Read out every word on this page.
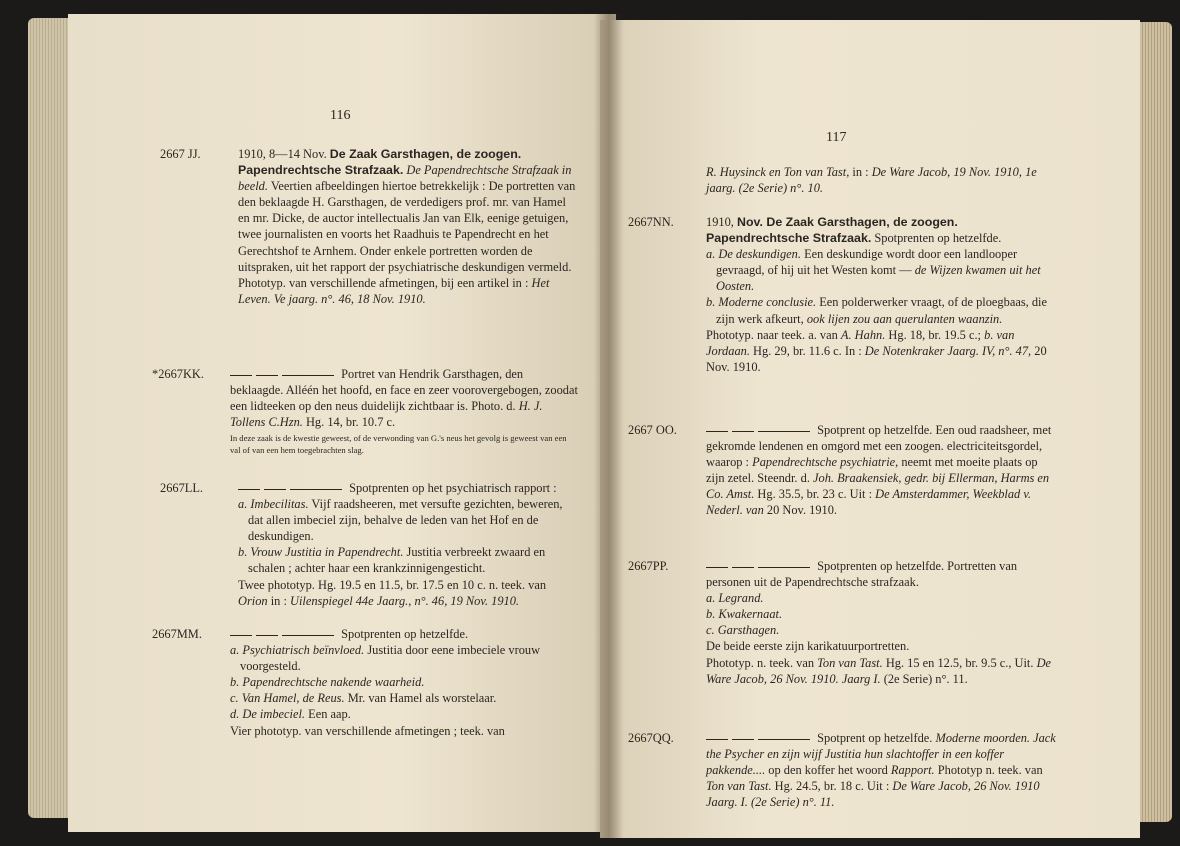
116
2667 JJ.	1910, 8—14 Nov. De Zaak Garsthagen, de zoogen. Papendrechtsche Strafzaak. De Papendrechtsche Strafzaak in beeld. Veertien afbeeldingen hiertoe betrekkelijk : De portretten van den beklaagde H. Garsthagen, de verdedigers prof. mr. van Hamel en mr. Dicke, de auctor intellectualis Jan van Elk, eenige getuigen, twee journalisten en voorts het Raadhuis te Papendrecht en het Gerechtshof te Arnhem. Onder enkele portretten worden de uitspraken, uit het rapport der psychiatrische deskundigen vermeld. Phototyp. van verschillende afmetingen, bij een artikel in : Het Leven. Ve jaarg. n°. 46, 18 Nov. 1910.
*2667KK.	Portret van Hendrik Garsthagen, den beklaagde. Alléén het hoofd, en face en zeer voorovergebogen, zoodat een lidteeken op den neus duidelijk zichtbaar is. Photo. d. H. J. Tollens C.Hzn. Hg. 14, br. 10.7 c.
In deze zaak is de kwestie geweest, of de verwonding van G.'s neus het gevolg is geweest van een val of van een hem toegebrachten slag.
2667LL.	Spotprenten op het psychiatrisch rapport :
a. Imbecilitas. Vijf raadsheeren, met versufte gezichten, beweren, dat allen imbeciel zijn, behalve de leden van het Hof en de deskundigen.
b. Vrouw Justitia in Papendrecht. Justitia verbreekt zwaard en schalen ; achter haar een krankzinnigengesticht.
Twee phototyp. Hg. 19.5 en 11.5, br. 17.5 en 10 c. n. teek. van Orion in : Uilenspiegel 44e Jaarg., n°. 46, 19 Nov. 1910.
2667MM.	Spotprenten op hetzelfde.
a. Psychiatrisch beïnvloed. Justitia door eene imbeciele vrouw voorgesteld.
b. Papendrechtsche nakende waarheid.
c. Van Hamel, de Reus. Mr. van Hamel als worstelaar.
d. De imbeciel. Een aap.
Vier phototyp. van verschillende afmetingen ; teek. van
117
R. Huysinck en Ton van Tast, in : De Ware Jacob, 19 Nov. 1910, 1e jaarg. (2e Serie) n°. 10.
2667NN.	1910, Nov. De Zaak Garsthagen, de zoogen. Papendrechtsche Strafzaak. Spotprenten op hetzelfde.
a. De deskundigen. Een deskundige wordt door een landlooper gevraagd, of hij uit het Westen komt — de Wijzen kwamen uit het Oosten.
b. Moderne conclusie. Een polderwerker vraagt, of de ploegbaas, die zijn werk afkeurt, ook lijen zou aan querulanten waanzin.
Phototyp. naar teek. a. van A. Hahn. Hg. 18, br. 19.5 c.; b. van Jordaan. Hg. 29, br. 11.6 c. In : De Notenkraker Jaarg. IV, n°. 47, 20 Nov. 1910.
2667 OO.	Spotprent op hetzelfde. Een oud raadsheer, met gekromde lendenen en omgord met een zoogen. electriciteitsgordel, waarop : Papendrechtsche psychiatrie, neemt met moeite plaats op zijn zetel. Steendr. d. Joh. Braakensiek, gedr. bij Ellerman, Harms en Co. Amst. Hg. 35.5, br. 23 c. Uit : De Amsterdammer, Weekblad v. Nederl. van 20 Nov. 1910.
2667PP.	Spotprenten op hetzelfde. Portretten van personen uit de Papendrechtsche strafzaak.
a. Legrand.
b. Kwakernaat.
c. Garsthagen.
De beide eerste zijn karikatuurportretten.
Phototyp. n. teek. van Ton van Tast. Hg. 15 en 12.5, br. 9.5 c., Uit. De Ware Jacob, 26 Nov. 1910. Jaarg I. (2e Serie) n°. 11.
2667QQ.	Spotprent op hetzelfde. Moderne moorden. Jack the Psycher en zijn wijf Justitia hun slachtoffer in een koffer pakkende.... op den koffer het woord Rapport. Phototyp n. teek. van Ton van Tast. Hg. 24.5, br. 18 c. Uit : De Ware Jacob, 26 Nov. 1910 Jaarg. I. (2e Serie) n°. 11.
